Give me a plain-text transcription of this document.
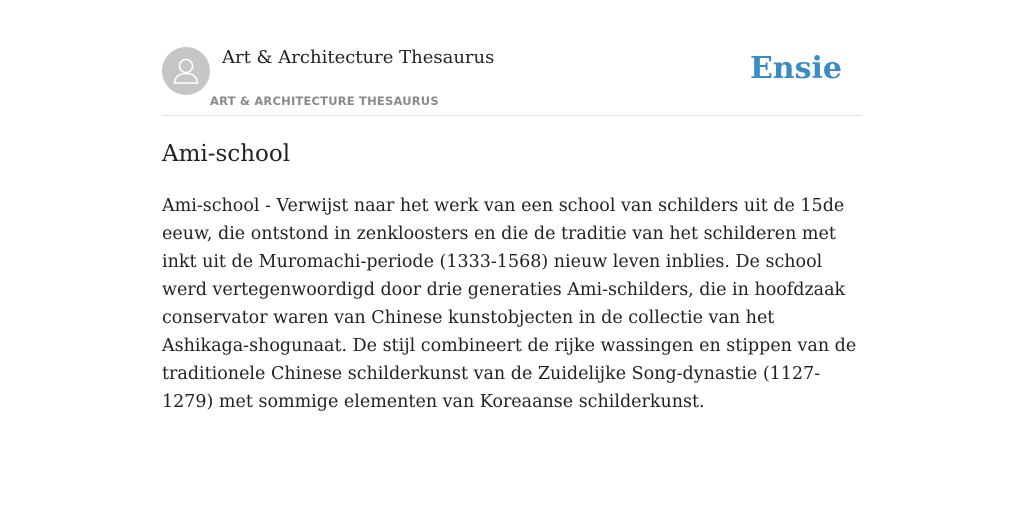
Art & Architecture Thesaurus
ART & ARCHITECTURE THESAURUS
Ensie
Ami-school

Ami-school - Verwijst naar het werk van een school van schilders uit de 15de eeuw, die ontstond in zenkloosters en die de traditie van het schilderen met inkt uit de Muromachi-periode (1333-1568) nieuw leven inblies. De school werd vertegenwoordigd door drie generaties Ami-schilders, die in hoofdzaak conservator waren van Chinese kunstobjecten in de collectie van het Ashikaga-shogunaat. De stijl combineert de rijke wassingen en stippen van de traditionele Chinese schilderkunst van de Zuidelijke Song-dynastie (1127-1279) met sommige elementen van Koreaanse schilderkunst.
